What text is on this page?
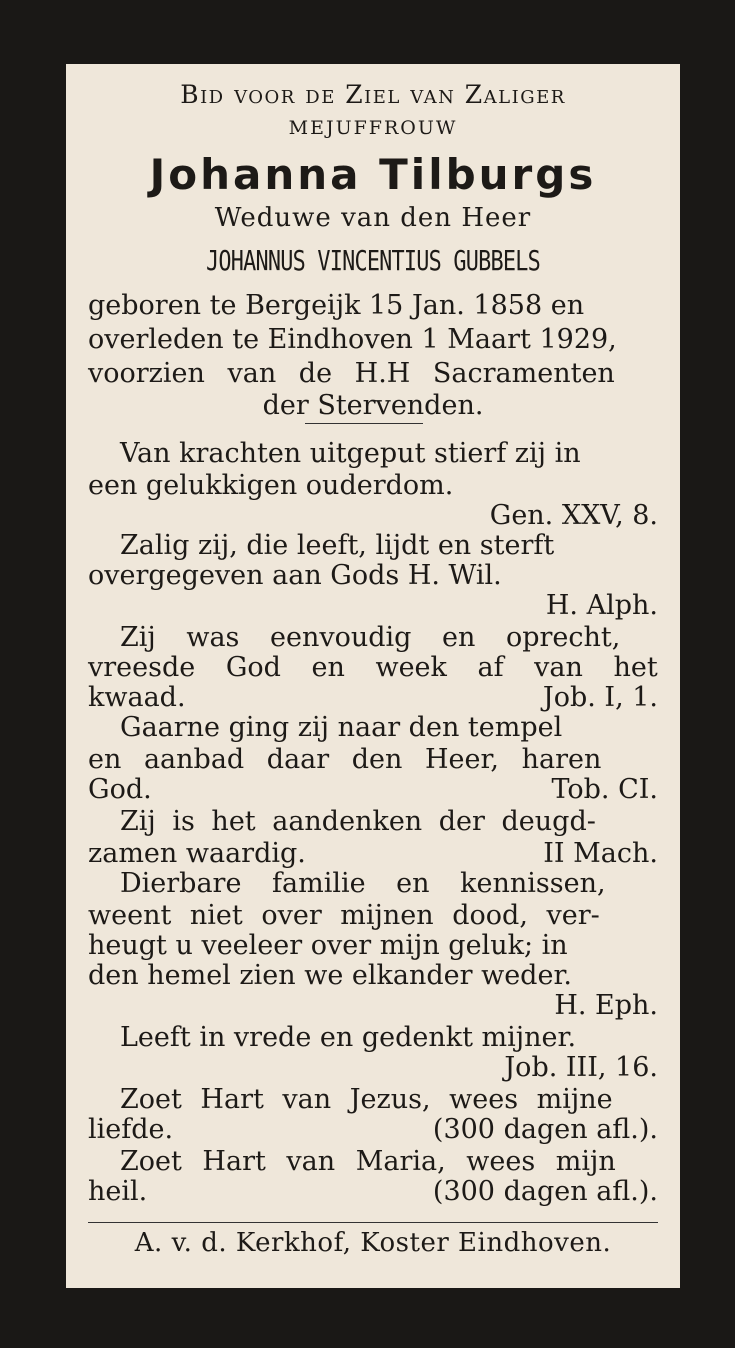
Bid voor de Ziel van Zaliger
MEJUFFROUW
Johanna Tilburgs
Weduwe van den Heer
JOHANNUS VINCENTIUS GUBBELS
geboren te Bergeijk 15 Jan. 1858 en
overleden te Eindhoven 1 Maart 1929,
voorzien van de H.H Sacramenten
der Stervenden.
Van krachten uitgeput stierf zij in
een gelukkigen ouderdom.
Gen. XXV, 8.
Zalig zij, die leeft, lijdt en sterft
overgegeven aan Gods H. Wil.
H. Alph.
Zij was eenvoudig en oprecht,
vreesde God en week af van het
kwaad.	Job. I, 1.
Gaarne ging zij naar den tempel
en aanbad daar den Heer, haren
God.	Tob. CI.
Zij is het aandenken der deugd-
zamen waardig.	II Mach.
Dierbare familie en kennissen,
weent niet over mijnen dood, ver-
heugt u veeleer over mijn geluk; in
den hemel zien we elkander weder.
H. Eph.
Leeft in vrede en gedenkt mijner.
Job. III, 16.
Zoet Hart van Jezus, wees mijne
liefde.	(300 dagen afl.).
Zoet Hart van Maria, wees mijn
heil.	(300 dagen afl.).
A. v. d. Kerkhof, Koster Eindhoven.
